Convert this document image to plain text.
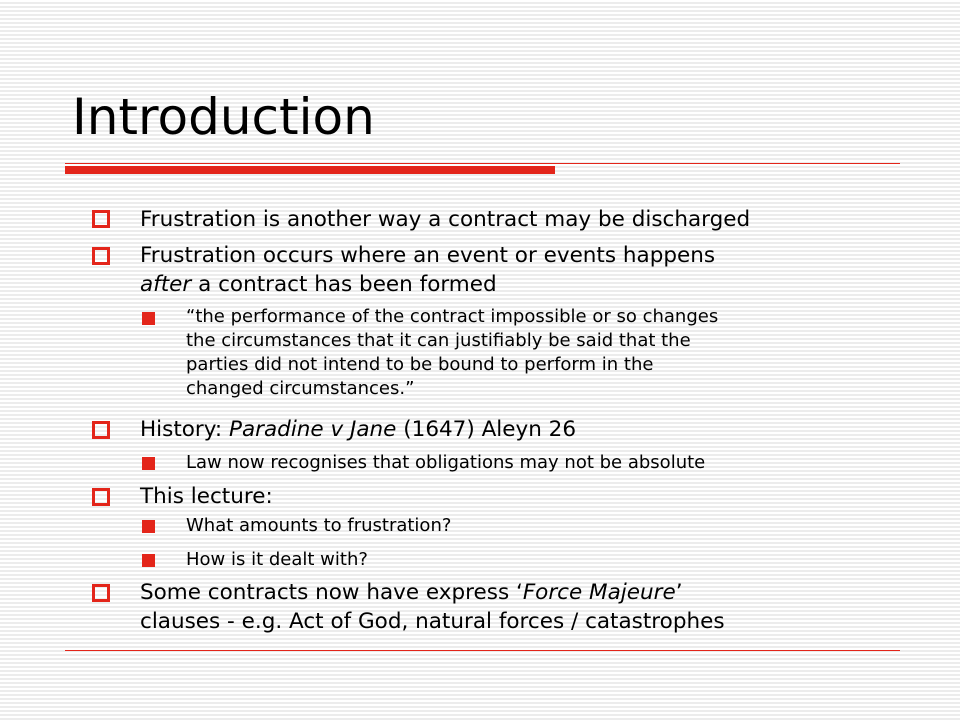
Introduction
Frustration is another way a contract may be discharged
Frustration occurs where an event or events happens
after a contract has been formed
“the performance of the contract impossible or so changes
the circumstances that it can justifiably be said that the
parties did not intend to be bound to perform in the
changed circumstances.”
History: Paradine v Jane (1647) Aleyn 26
Law now recognises that obligations may not be absolute
This lecture:
What amounts to frustration?
How is it dealt with?
Some contracts now have express ‘Force Majeure’
clauses - e.g. Act of God, natural forces / catastrophes
